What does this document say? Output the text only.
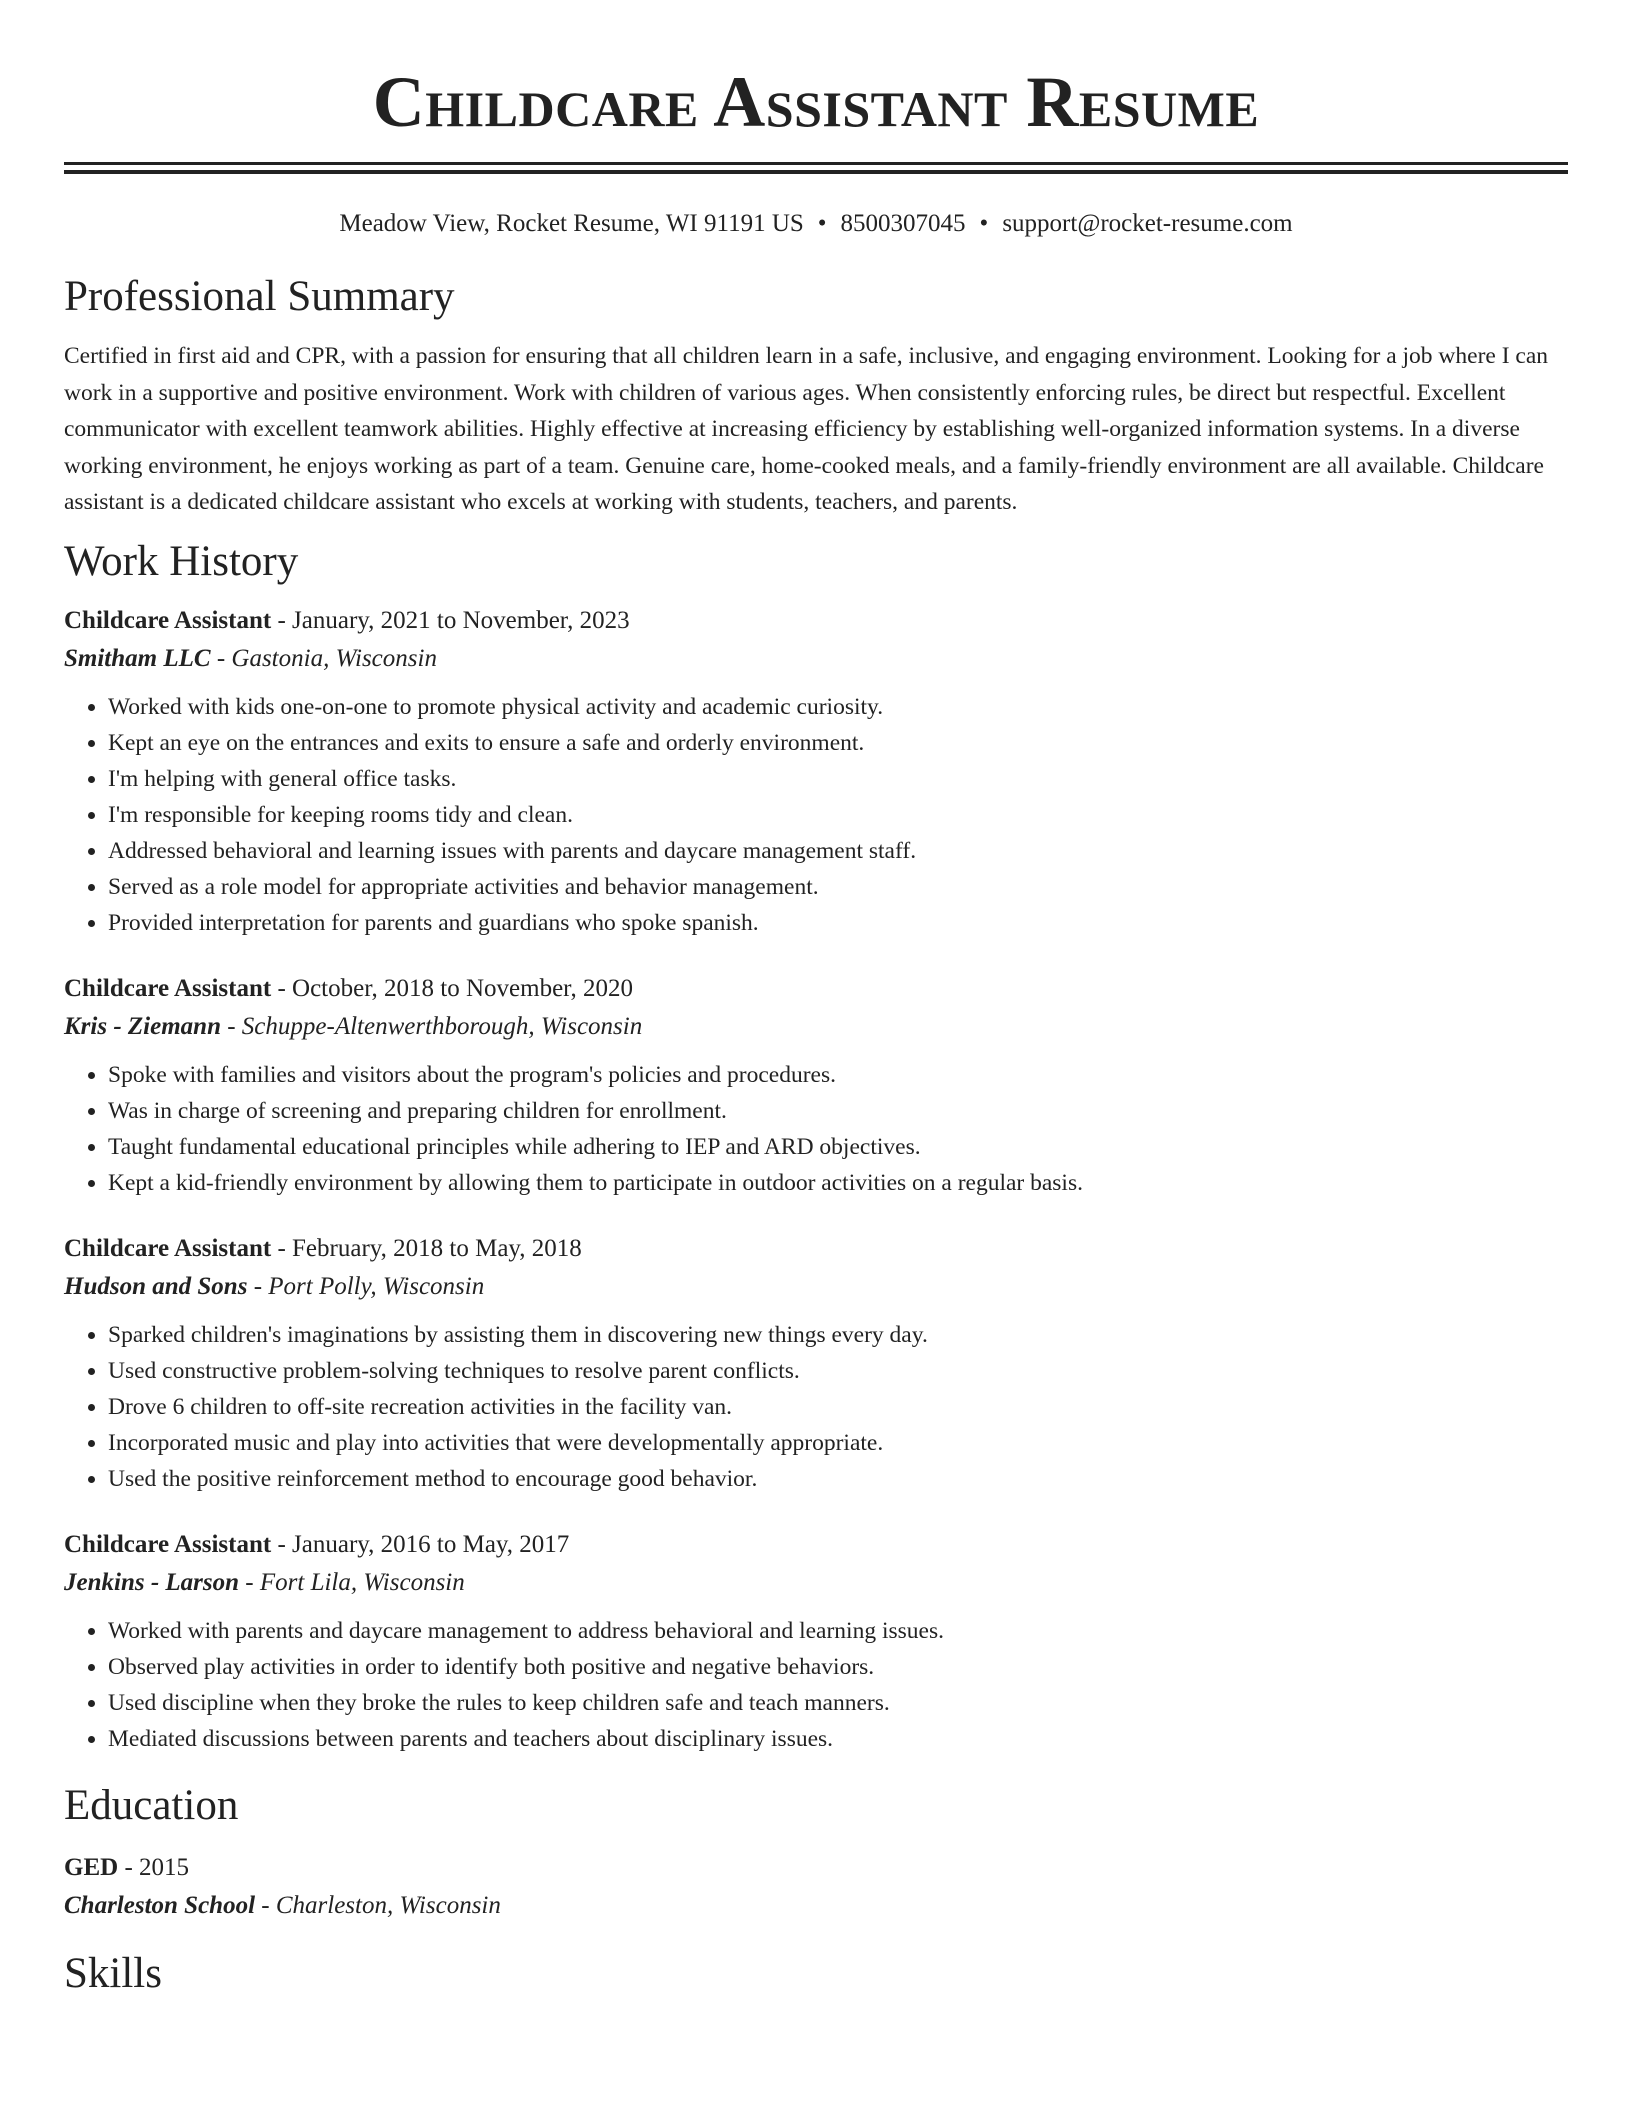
Childcare Assistant Resume
Meadow View, Rocket Resume, WI 91191 US • 8500307045 • support@rocket-resume.com
Professional Summary

Certified in first aid and CPR, with a passion for ensuring that all children learn in a safe, inclusive, and engaging environment. Looking for a job where I can work in a supportive and positive environment. Work with children of various ages. When consistently enforcing rules, be direct but respectful. Excellent communicator with excellent teamwork abilities. Highly effective at increasing efficiency by establishing well-organized information systems. In a diverse working environment, he enjoys working as part of a team. Genuine care, home-cooked meals, and a family-friendly environment are all available. Childcare assistant is a dedicated childcare assistant who excels at working with students, teachers, and parents.

Work History
Childcare Assistant - January, 2021 to November, 2023
Smitham LLC - Gastonia, Wisconsin
• Worked with kids one-on-one to promote physical activity and academic curiosity.
• Kept an eye on the entrances and exits to ensure a safe and orderly environment.
• I'm helping with general office tasks.
• I'm responsible for keeping rooms tidy and clean.
• Addressed behavioral and learning issues with parents and daycare management staff.
• Served as a role model for appropriate activities and behavior management.
• Provided interpretation for parents and guardians who spoke spanish.
Childcare Assistant - October, 2018 to November, 2020
Kris - Ziemann - Schuppe-Altenwerthborough, Wisconsin
• Spoke with families and visitors about the program's policies and procedures.
• Was in charge of screening and preparing children for enrollment.
• Taught fundamental educational principles while adhering to IEP and ARD objectives.
• Kept a kid-friendly environment by allowing them to participate in outdoor activities on a regular basis.
Childcare Assistant - February, 2018 to May, 2018
Hudson and Sons - Port Polly, Wisconsin
• Sparked children's imaginations by assisting them in discovering new things every day.
• Used constructive problem-solving techniques to resolve parent conflicts.
• Drove 6 children to off-site recreation activities in the facility van.
• Incorporated music and play into activities that were developmentally appropriate.
• Used the positive reinforcement method to encourage good behavior.
Childcare Assistant - January, 2016 to May, 2017
Jenkins - Larson - Fort Lila, Wisconsin
• Worked with parents and daycare management to address behavioral and learning issues.
• Observed play activities in order to identify both positive and negative behaviors.
• Used discipline when they broke the rules to keep children safe and teach manners.
• Mediated discussions between parents and teachers about disciplinary issues.
Education
GED - 2015
Charleston School - Charleston, Wisconsin
Skills
